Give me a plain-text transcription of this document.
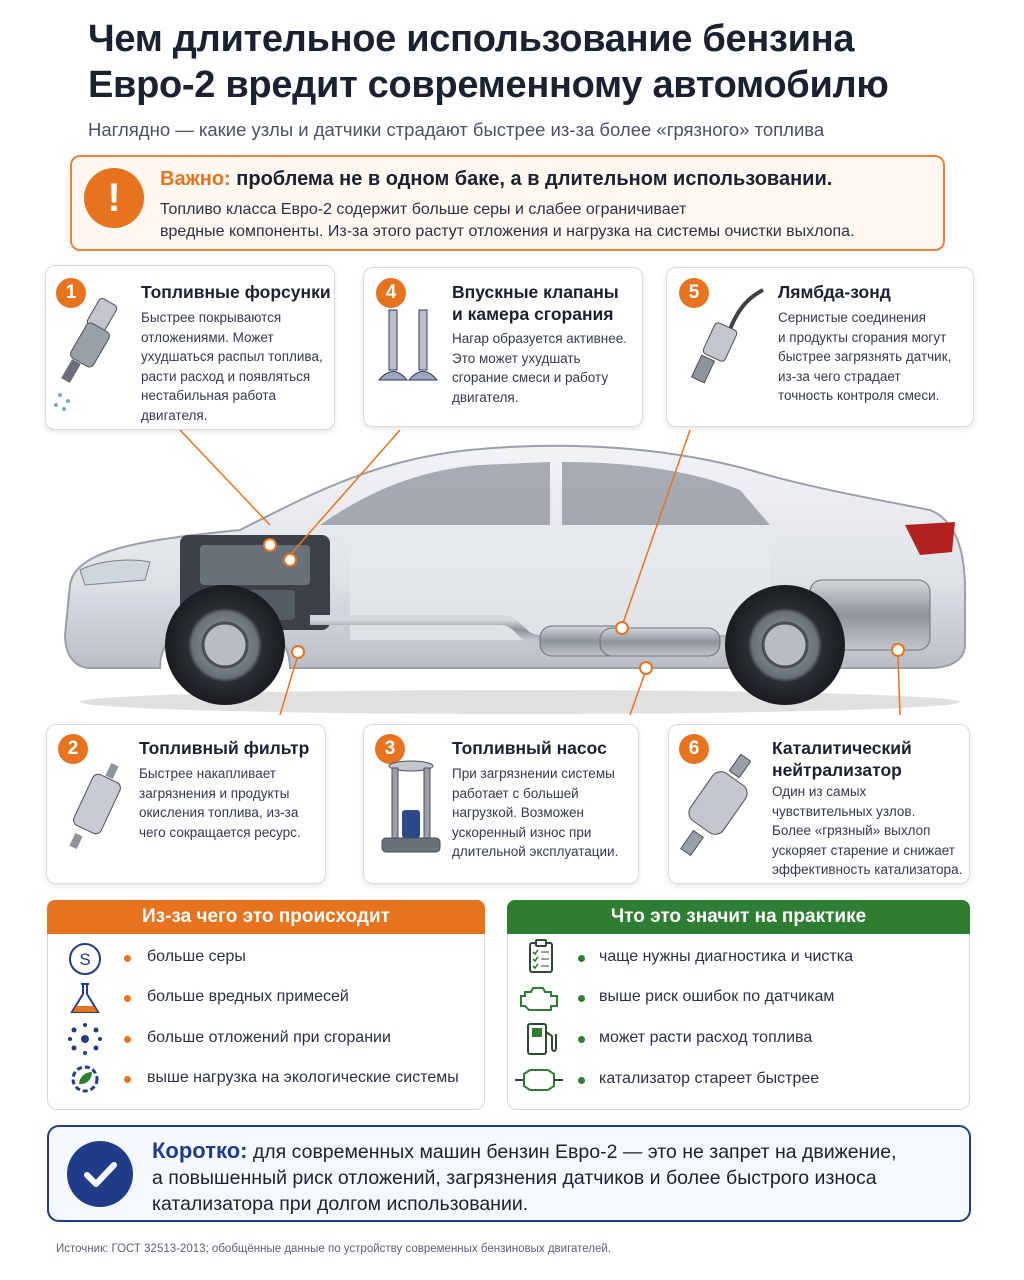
Чем длительное использование бензина
Евро-2 вредит современному автомобилю
Наглядно — какие узлы и датчики страдают быстрее из-за более «грязного» топлива
!	Важно: проблема не в одном баке, а в длительном использовании.
Топливо класса Евро-2 содержит больше серы и слабее ограничивает
вредные компоненты. Из-за этого растут отложения и нагрузка на системы очистки выхлопа.
1	Топливные форсунки
Быстрее покрываются
отложениями. Может
ухудшаться распыл топлива,
расти расход и появляться
нестабильная работа
двигателя.
4	Впускные клапаны
и камера сгорания
Нагар образуется активнее.
Это может ухудшать
сгорание смеси и работу
двигателя.
5	Лямбда-зонд
Сернистые соединения
и продукты сгорания могут
быстрее загрязнять датчик,
из-за чего страдает
точность контроля смеси.
2	Топливный фильтр
Быстрее накапливает
загрязнения и продукты
окисления топлива, из-за
чего сокращается ресурс.
3	Топливный насос
При загрязнении системы
работает с большей
нагрузкой. Возможен
ускоренный износ при
длительной эксплуатации.
6	Каталитический
нейтрализатор
Один из самых
чувствительных узлов.
Более «грязный» выхлоп
ускоряет старение и снижает
эффективность катализатора.
Из-за чего это происходит
S	больше серы
больше вредных примесей
больше отложений при сгорании
выше нагрузка на экологические системы
Что это значит на практике
чаще нужны диагностика и чистка
выше риск ошибок по датчикам
может расти расход топлива
катализатор стареет быстрее
Коротко: для современных машин бензин Евро-2 — это не запрет на движение,
а повышенный риск отложений, загрязнения датчиков и более быстрого износа
катализатора при долгом использовании.
Источник: ГОСТ 32513-2013; обобщённые данные по устройству современных бензиновых двигателей.
